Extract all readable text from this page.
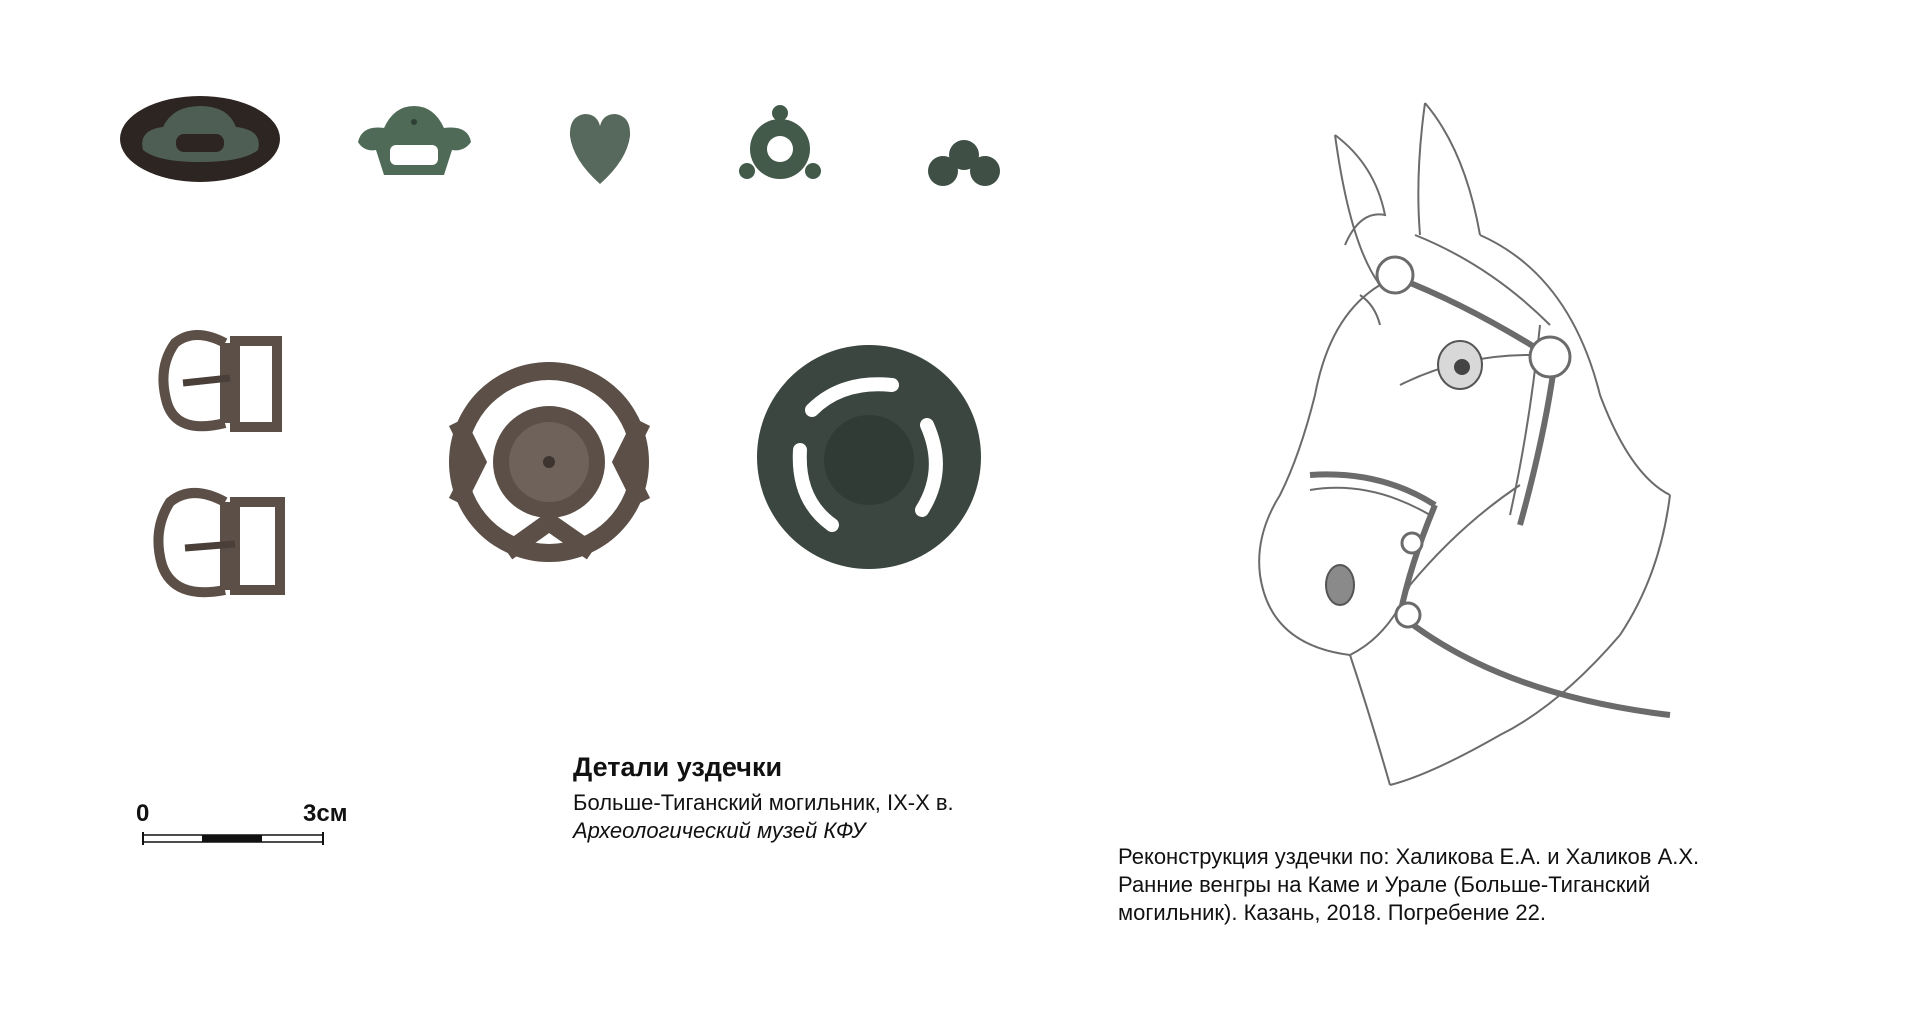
Детали уздечки
Больше-Тиганский могильник, IX-X в.
Археологический музей КФУ
0	3см
Реконструкция уздечки по: Халикова Е.А. и Халиков А.Х.
Ранние венгры на Каме и Урале (Больше-Тиганский
могильник). Казань, 2018. Погребение 22.
